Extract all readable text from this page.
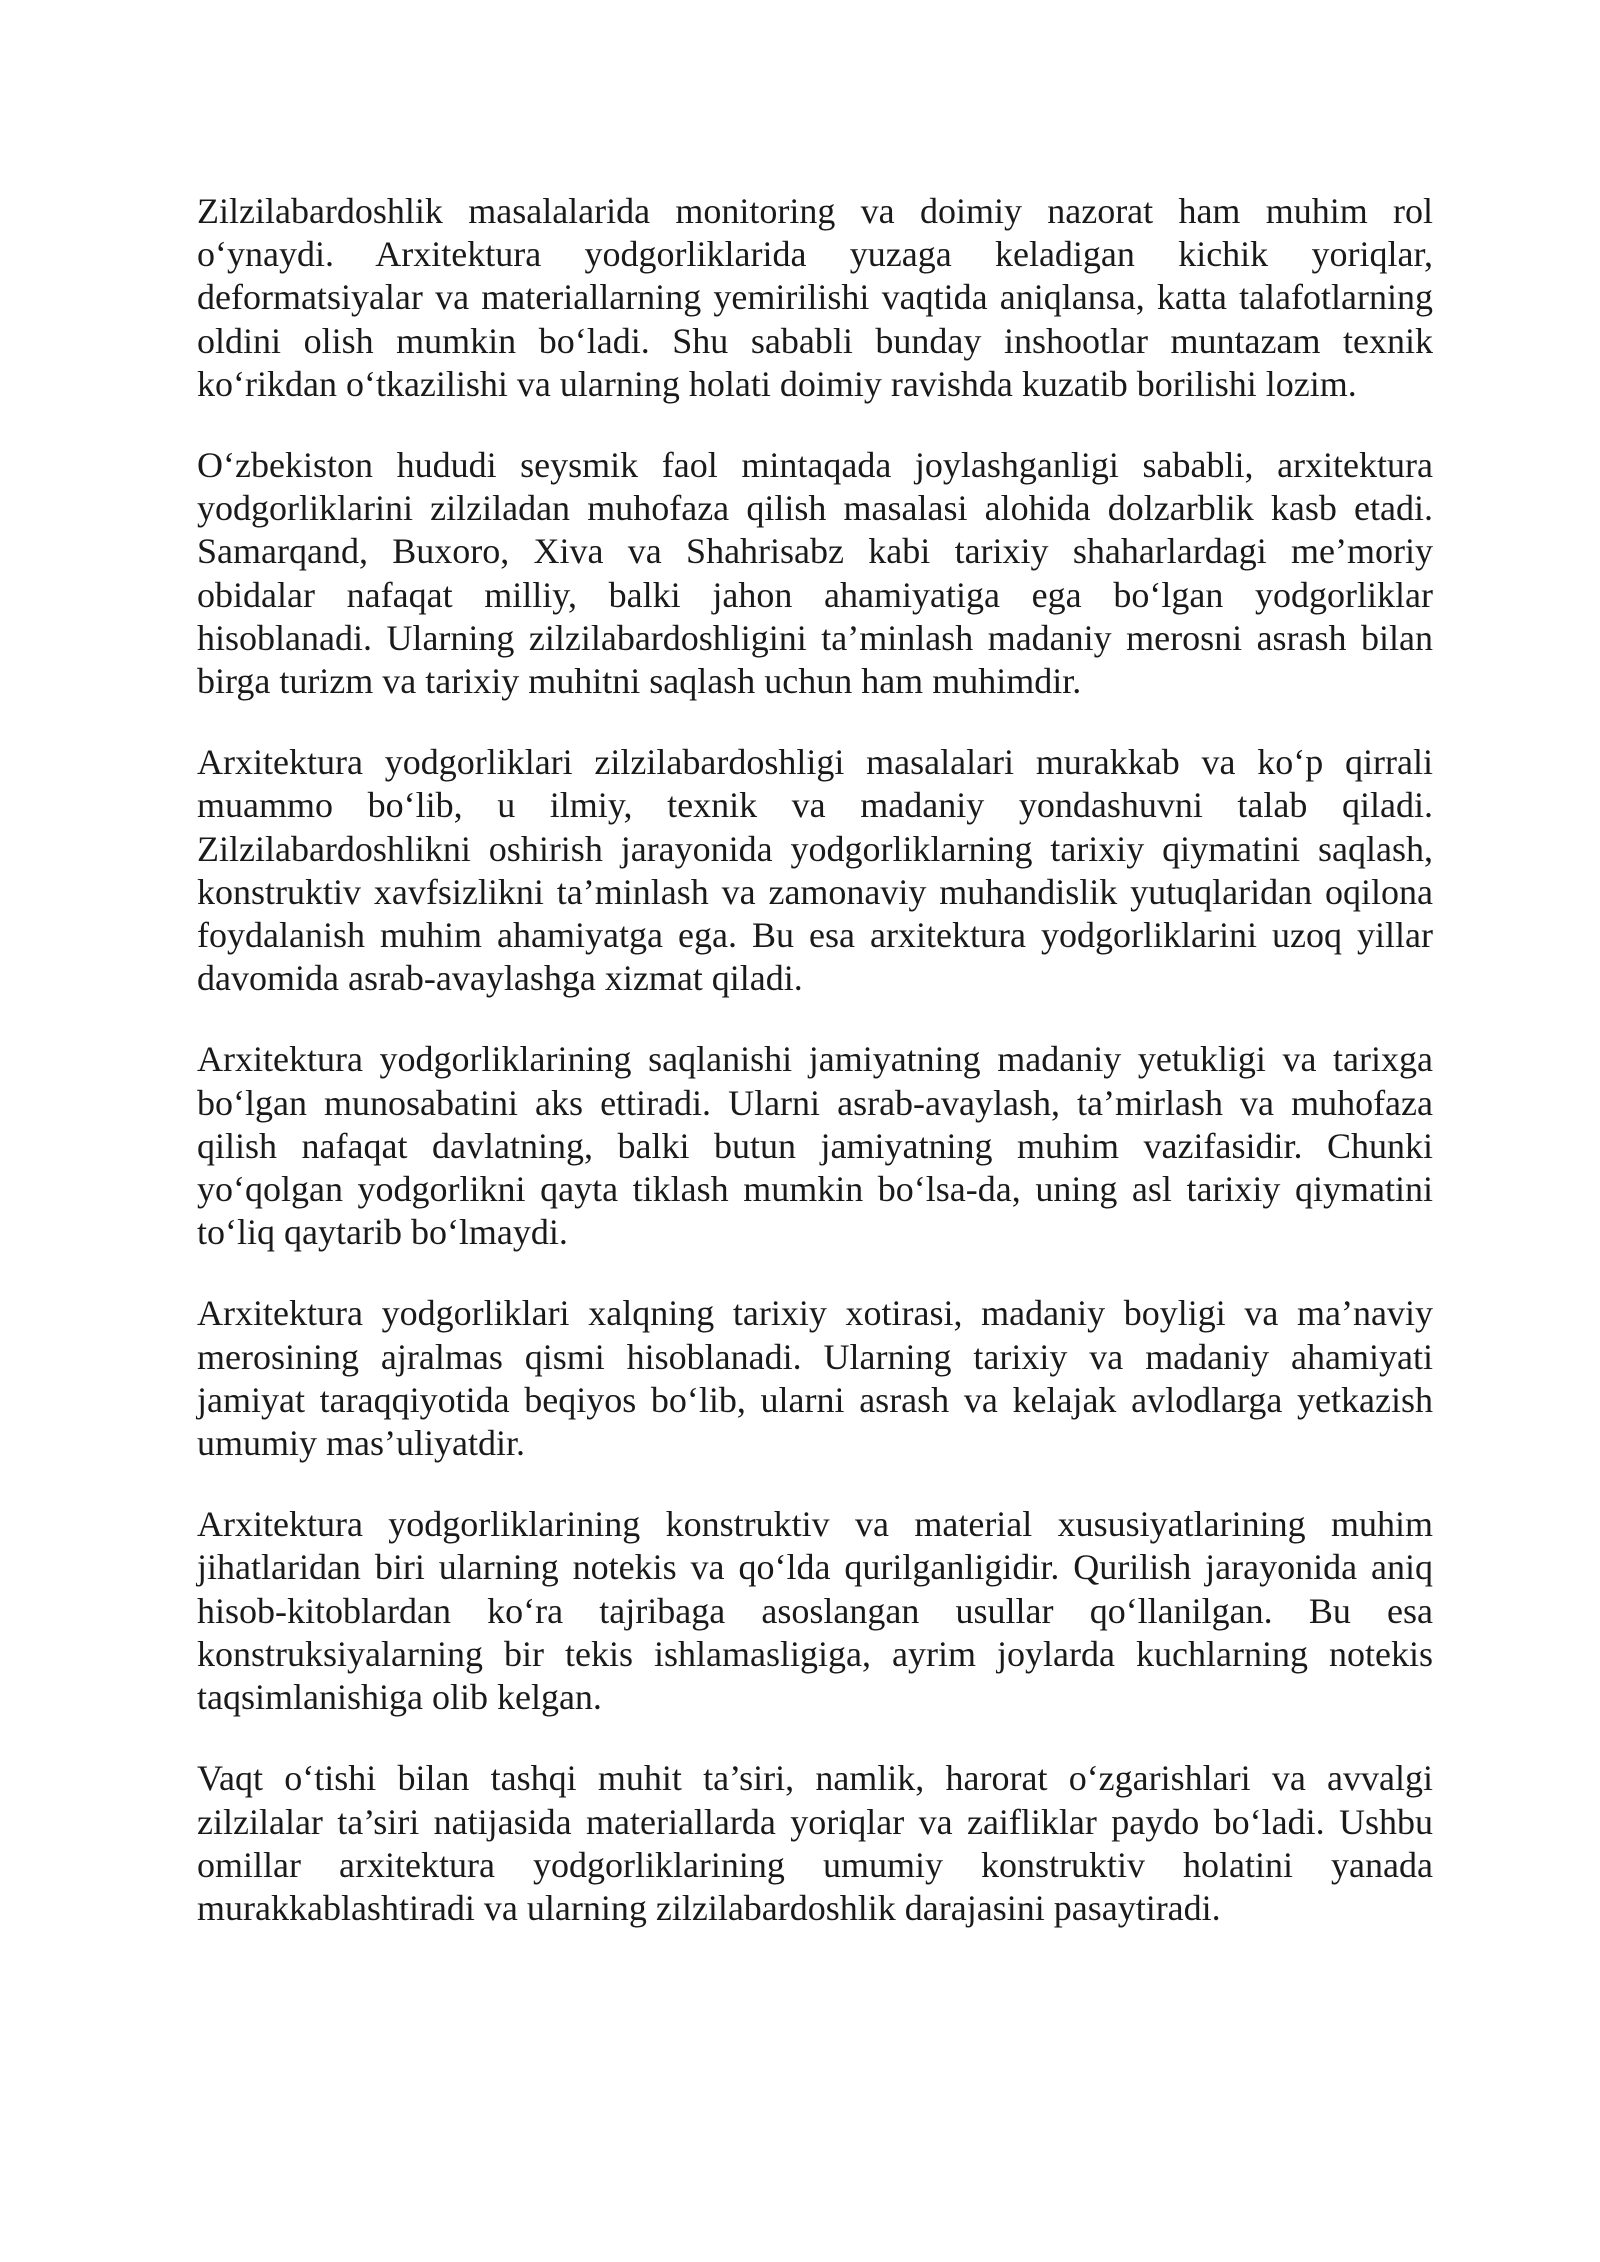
Zilzilabardoshlik masalalarida monitoring va doimiy nazorat ham muhim rol o‘ynaydi. Arxitektura yodgorliklarida yuzaga keladigan kichik yoriqlar, deformatsiyalar va materiallarning yemirilishi vaqtida aniqlansa, katta talafotlarning oldini olish mumkin bo‘ladi. Shu sababli bunday inshootlar muntazam texnik ko‘rikdan o‘tkazilishi va ularning holati doimiy ravishda kuzatib borilishi lozim.

O‘zbekiston hududi seysmik faol mintaqada joylashganligi sababli, arxitektura yodgorliklarini zilziladan muhofaza qilish masalasi alohida dolzarblik kasb etadi. Samarqand, Buxoro, Xiva va Shahrisabz kabi tarixiy shaharlardagi me’moriy obidalar nafaqat milliy, balki jahon ahamiyatiga ega bo‘lgan yodgorliklar hisoblanadi. Ularning zilzilabardoshligini ta’minlash madaniy merosni asrash bilan birga turizm va tarixiy muhitni saqlash uchun ham muhimdir.

Arxitektura yodgorliklari zilzilabardoshligi masalalari murakkab va ko‘p qirrali muammo bo‘lib, u ilmiy, texnik va madaniy yondashuvni talab qiladi. Zilzilabardoshlikni oshirish jarayonida yodgorliklarning tarixiy qiymatini saqlash, konstruktiv xavfsizlikni ta’minlash va zamonaviy muhandislik yutuqlaridan oqilona foydalanish muhim ahamiyatga ega. Bu esa arxitektura yodgorliklarini uzoq yillar davomida asrab-avaylashga xizmat qiladi.

Arxitektura yodgorliklarining saqlanishi jamiyatning madaniy yetukligi va tarixga bo‘lgan munosabatini aks ettiradi. Ularni asrab-avaylash, ta’mirlash va muhofaza qilish nafaqat davlatning, balki butun jamiyatning muhim vazifasidir. Chunki yo‘qolgan yodgorlikni qayta tiklash mumkin bo‘lsa-da, uning asl tarixiy qiymatini to‘liq qaytarib bo‘lmaydi.

Arxitektura yodgorliklari xalqning tarixiy xotirasi, madaniy boyligi va ma’naviy merosining ajralmas qismi hisoblanadi. Ularning tarixiy va madaniy ahamiyati jamiyat taraqqiyotida beqiyos bo‘lib, ularni asrash va kelajak avlodlarga yetkazish umumiy mas’uliyatdir.

Arxitektura yodgorliklarining konstruktiv va material xususiyatlarining muhim jihatlaridan biri ularning notekis va qo‘lda qurilganligidir. Qurilish jarayonida aniq hisob-kitoblardan ko‘ra tajribaga asoslangan usullar qo‘llanilgan. Bu esa konstruksiyalarning bir tekis ishlamasligiga, ayrim joylarda kuchlarning notekis taqsimlanishiga olib kelgan.

Vaqt o‘tishi bilan tashqi muhit ta’siri, namlik, harorat o‘zgarishlari va avvalgi zilzilalar ta’siri natijasida materiallarda yoriqlar va zaifliklar paydo bo‘ladi. Ushbu omillar arxitektura yodgorliklarining umumiy konstruktiv holatini yanada murakkablashtiradi va ularning zilzilabardoshlik darajasini pasaytiradi.
